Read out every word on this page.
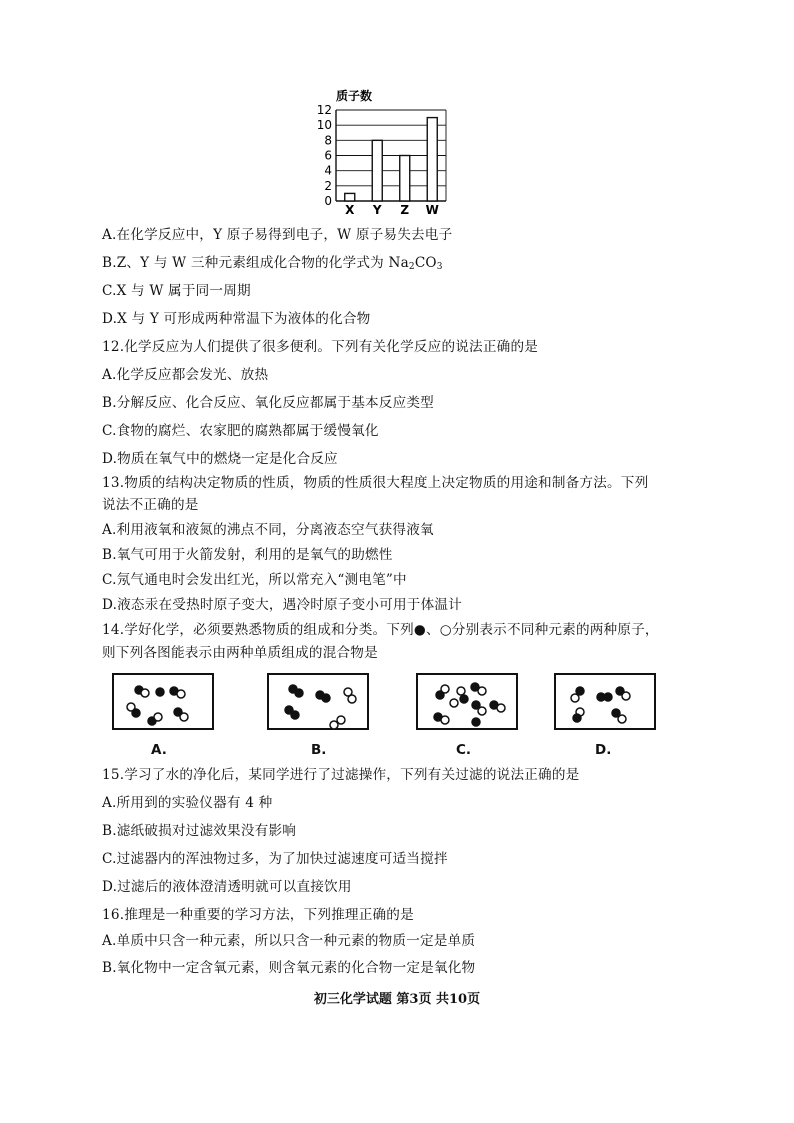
质子数
0
2
4
6
8
10
12
X Y Z W
A.在化学反应中，Y 原子易得到电子，W 原子易失去电子
B.Z、Y 与 W 三种元素组成化合物的化学式为 $Na_2CO_3$
C.X 与 W 属于同一周期
D.X 与 Y 可形成两种常温下为液体的化合物
12.化学反应为人们提供了很多便利。下列有关化学反应的说法正确的是
A.化学反应都会发光、放热
B.分解反应、化合反应、氧化反应都属于基本反应类型
C.食物的腐烂、农家肥的腐熟都属于缓慢氧化
D.物质在氧气中的燃烧一定是化合反应
13.物质的结构决定物质的性质，物质的性质很大程度上决定物质的用途和制备方法。下列
说法不正确的是
A.利用液氧和液氮的沸点不同，分离液态空气获得液氧
B.氧气可用于火箭发射，利用的是氧气的助燃性
C.氖气通电时会发出红光，所以常充入“测电笔”中
D.液态汞在受热时原子变大，遇冷时原子变小可用于体温计
14.学好化学，必须要熟悉物质的组成和分类。下列●、○分别表示不同种元素的两种原子，
则下列各图能表示由两种单质组成的混合物是
A.	B.	C.	D.
15.学习了水的净化后，某同学进行了过滤操作，下列有关过滤的说法正确的是
A.所用到的实验仪器有 4 种
B.滤纸破损对过滤效果没有影响
C.过滤器内的浑浊物过多，为了加快过滤速度可适当搅拌
D.过滤后的液体澄清透明就可以直接饮用
16.推理是一种重要的学习方法，下列推理正确的是
A.单质中只含一种元素，所以只含一种元素的物质一定是单质
B.氧化物中一定含氧元素，则含氧元素的化合物一定是氧化物
初三化学试题 第3页 共10页
